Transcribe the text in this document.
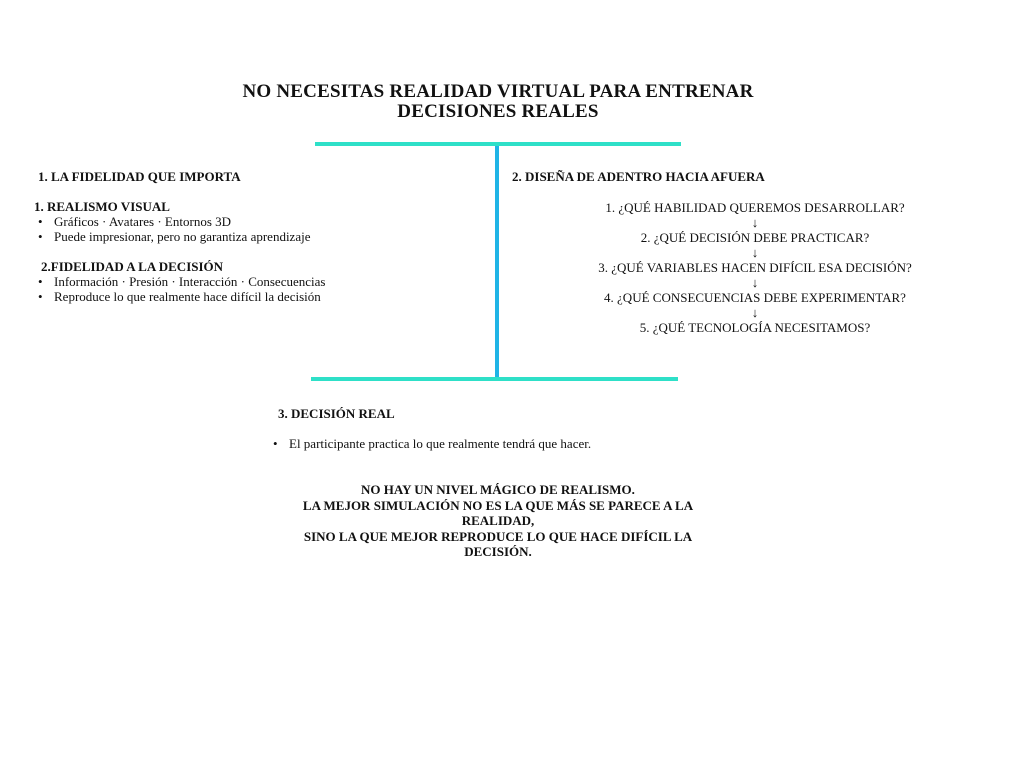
NO NECESITAS REALIDAD VIRTUAL PARA ENTRENAR
DECISIONES REALES
1. LA FIDELIDAD QUE IMPORTA
1. REALISMO VISUAL
• Gráficos · Avatares · Entornos 3D
• Puede impresionar, pero no garantiza aprendizaje
2.FIDELIDAD A LA DECISIÓN
• Información · Presión · Interacción · Consecuencias
• Reproduce lo que realmente hace difícil la decisión
2. DISEÑA DE ADENTRO HACIA AFUERA
1. ¿QUÉ HABILIDAD QUEREMOS DESARROLLAR?
↓
2. ¿QUÉ DECISIÓN DEBE PRACTICAR?
↓
3. ¿QUÉ VARIABLES HACEN DIFÍCIL ESA DECISIÓN?
↓
4. ¿QUÉ CONSECUENCIAS DEBE EXPERIMENTAR?
↓
5. ¿QUÉ TECNOLOGÍA NECESITAMOS?
3. DECISIÓN REAL
• El participante practica lo que realmente tendrá que hacer.
NO HAY UN NIVEL MÁGICO DE REALISMO.
LA MEJOR SIMULACIÓN NO ES LA QUE MÁS SE PARECE A LA REALIDAD,
SINO LA QUE MEJOR REPRODUCE LO QUE HACE DIFÍCIL LA DECISIÓN.
